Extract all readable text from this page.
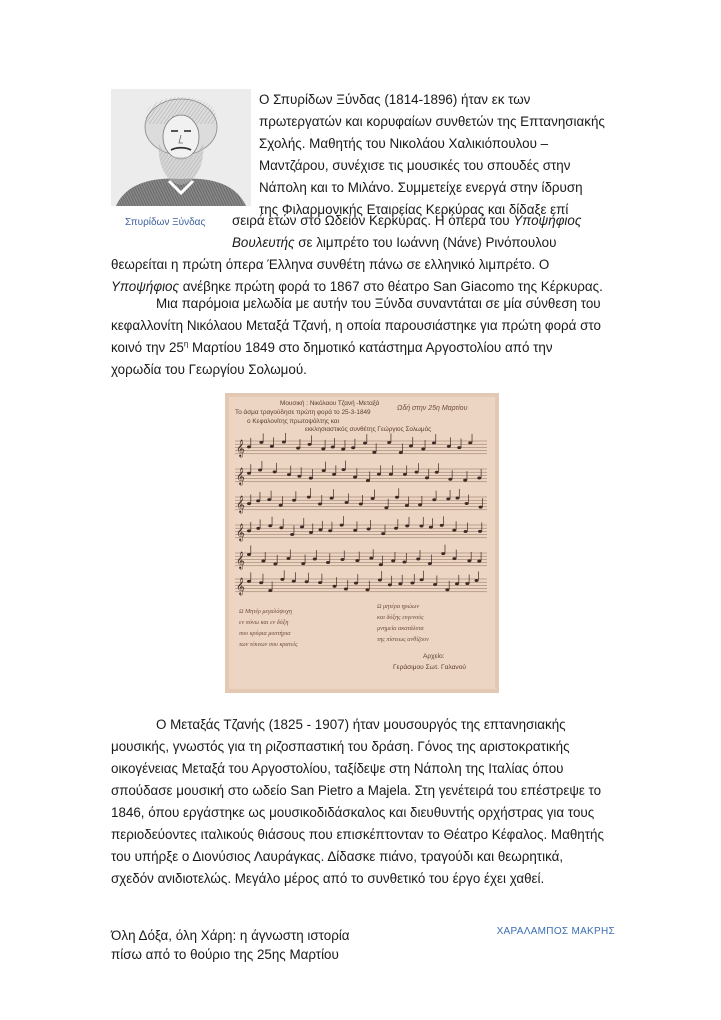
Σπυρίδων Ξύνδας
Ο Σπυρίδων Ξύνδας (1814-1896) ήταν εκ των
πρωτεργατών και κορυφαίων συνθετών της Επτανησιακής
Σχολής. Μαθητής του Νικολάου Χαλικιόπουλου –
Μαντζάρου, συνέχισε τις μουσικές του σπουδές στην
Νάπολη και το Μιλάνο. Συμμετείχε ενεργά στην ίδρυση
της Φιλαρμονικής Εταιρείας Κερκύρας και δίδαξε επί
σειρά ετών στο Ωδείον Κερκύρας. Η όπερά του Υποψήφιος
Βουλευτής σε λιμπρέτο του Ιωάννη (Νάνε) Ρινόπουλου
θεωρείται η πρώτη όπερα Έλληνα συνθέτη πάνω σε ελληνικό λιμπρέτο. Ο
Υποψήφιος ανέβηκε πρώτη φορά το 1867 στο θέατρο San Giacomo της Κέρκυρας.
Μια παρόμοια μελωδία με αυτήν του Ξύνδα συναντάται σε μία σύνθεση του
κεφαλλονίτη Νικόλαου Μεταξά Τζανή, η οποία παρουσιάστηκε για πρώτη φορά στο
κοινό την $25^\eta$ Μαρτίου 1849 στο δημοτικό κατάστημα Αργοστολίου από την
χορωδία του Γεωργίου Σολωμού.
Μουσική : Νικόλαου Τζανή -Μεταξά
Το άσμα τραγούδησε πρώτη φορά το 25-3-1849
ο Κεφαλονίτης πρωτοψάλτης και
εκκλησιαστικός συνθέτης Γεώργιος Σολωμός
Ωδή στην 25η Μαρτίου
𝄞
𝄞
𝄞
𝄞
𝄞
𝄞
Ω Μητέρ μεγαλόψυχη
εν πόνω και εν δόξη
που κρύφια μυστήρια
των τέκνων σου κρατείς
Ω μητέρα ηρώων
και δόξης ευγενούς
μνημεία ακατάλυτα
της πίστεως ανθίζουν
Αρχείο:
Γεράσιμου Σωτ. Γαλανού
Ο Μεταξάς Τζανής (1825 - 1907) ήταν μουσουργός της επτανησιακής
μουσικής, γνωστός για τη ριζοσπαστική του δράση. Γόνος της αριστοκρατικής
οικογένειας Μεταξά του Αργοστολίου, ταξίδεψε στη Νάπολη της Ιταλίας όπου
σπούδασε μουσική στο ωδείο San Pietro a Majela. Στη γενέτειρά του επέστρεψε το
1846, όπου εργάστηκε ως μουσικοδιδάσκαλος και διευθυντής ορχήστρας για τους
περιοδεύοντες ιταλικούς θιάσους που επισκέπτονταν το Θέατρο Κέφαλος. Μαθητής
του υπήρξε ο Διονύσιος Λαυράγκας. Δίδασκε πιάνο, τραγούδι και θεωρητικά,
σχεδόν ανιδιοτελώς. Μεγάλο μέρος από το συνθετικό του έργο έχει χαθεί.
Όλη Δόξα, όλη Χάρη: η άγνωστη ιστορία
πίσω από το θούριο της 25ης Μαρτίου
ΧΑΡΑΛΑΜΠΟΣ ΜΑΚΡΗΣ
